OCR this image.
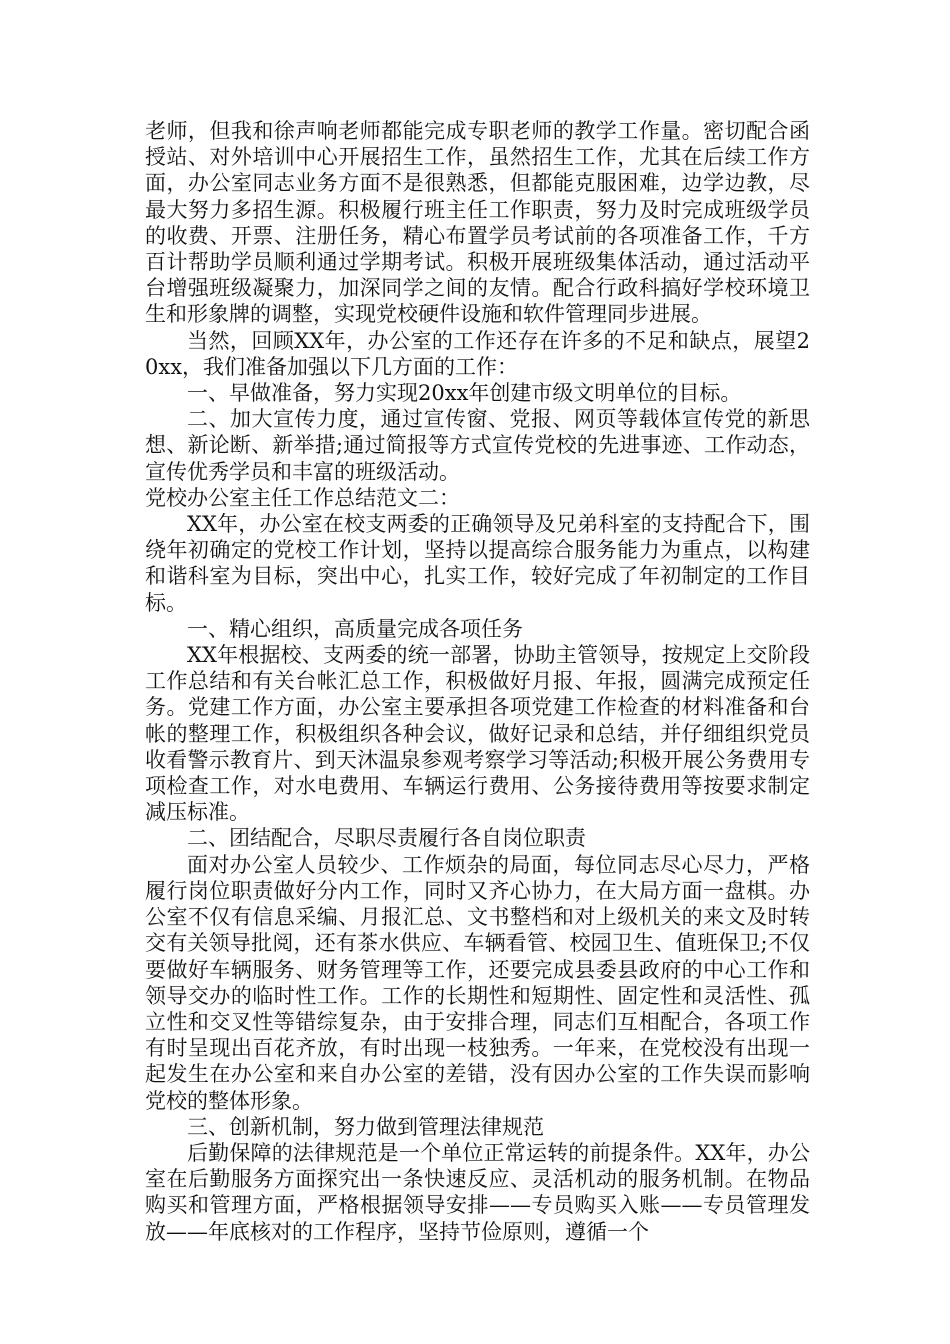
老师，但我和徐声响老师都能完成专职老师的教学工作量。密切配合函授站、对外培训中心开展招生工作，虽然招生工作，尤其在后续工作方面，办公室同志业务方面不是很熟悉，但都能克服困难，边学边教，尽最大努力多招生源。积极履行班主任工作职责，努力及时完成班级学员的收费、开票、注册任务，精心布置学员考试前的各项准备工作，千方百计帮助学员顺利通过学期考试。积极开展班级集体活动，通过活动平台增强班级凝聚力，加深同学之间的友情。配合行政科搞好学校环境卫生和形象牌的调整，实现党校硬件设施和软件管理同步进展。

当然，回顾XX年，办公室的工作还存在许多的不足和缺点，展望20xx，我们准备加强以下几方面的工作：

一、早做准备，努力实现20xx年创建市级文明单位的目标。

二、加大宣传力度，通过宣传窗、党报、网页等载体宣传党的新思想、新论断、新举措;通过简报等方式宣传党校的先进事迹、工作动态，宣传优秀学员和丰富的班级活动。

党校办公室主任工作总结范文二：

XX年，办公室在校支两委的正确领导及兄弟科室的支持配合下，围绕年初确定的党校工作计划，坚持以提高综合服务能力为重点，以构建和谐科室为目标，突出中心，扎实工作，较好完成了年初制定的工作目标。

一、精心组织，高质量完成各项任务

XX年根据校、支两委的统一部署，协助主管领导，按规定上交阶段工作总结和有关台帐汇总工作，积极做好月报、年报，圆满完成预定任务。党建工作方面，办公室主要承担各项党建工作检查的材料准备和台帐的整理工作，积极组织各种会议，做好记录和总结，并仔细组织党员收看警示教育片、到天沐温泉参观考察学习等活动;积极开展公务费用专项检查工作，对水电费用、车辆运行费用、公务接待费用等按要求制定减压标准。

二、团结配合，尽职尽责履行各自岗位职责

面对办公室人员较少、工作烦杂的局面，每位同志尽心尽力，严格履行岗位职责做好分内工作，同时又齐心协力，在大局方面一盘棋。办公室不仅有信息采编、月报汇总、文书整档和对上级机关的来文及时转交有关领导批阅，还有茶水供应、车辆看管、校园卫生、值班保卫;不仅要做好车辆服务、财务管理等工作，还要完成县委县政府的中心工作和领导交办的临时性工作。工作的长期性和短期性、固定性和灵活性、孤立性和交叉性等错综复杂，由于安排合理，同志们互相配合，各项工作有时呈现出百花齐放，有时出现一枝独秀。一年来，在党校没有出现一起发生在办公室和来自办公室的差错，没有因办公室的工作失误而影响党校的整体形象。

三、创新机制，努力做到管理法律规范

后勤保障的法律规范是一个单位正常运转的前提条件。XX年，办公室在后勤服务方面探究出一条快速反应、灵活机动的服务机制。在物品购买和管理方面，严格根据领导安排——专员购买入账——专员管理发放——年底核对的工作程序，坚持节俭原则，遵循一个
